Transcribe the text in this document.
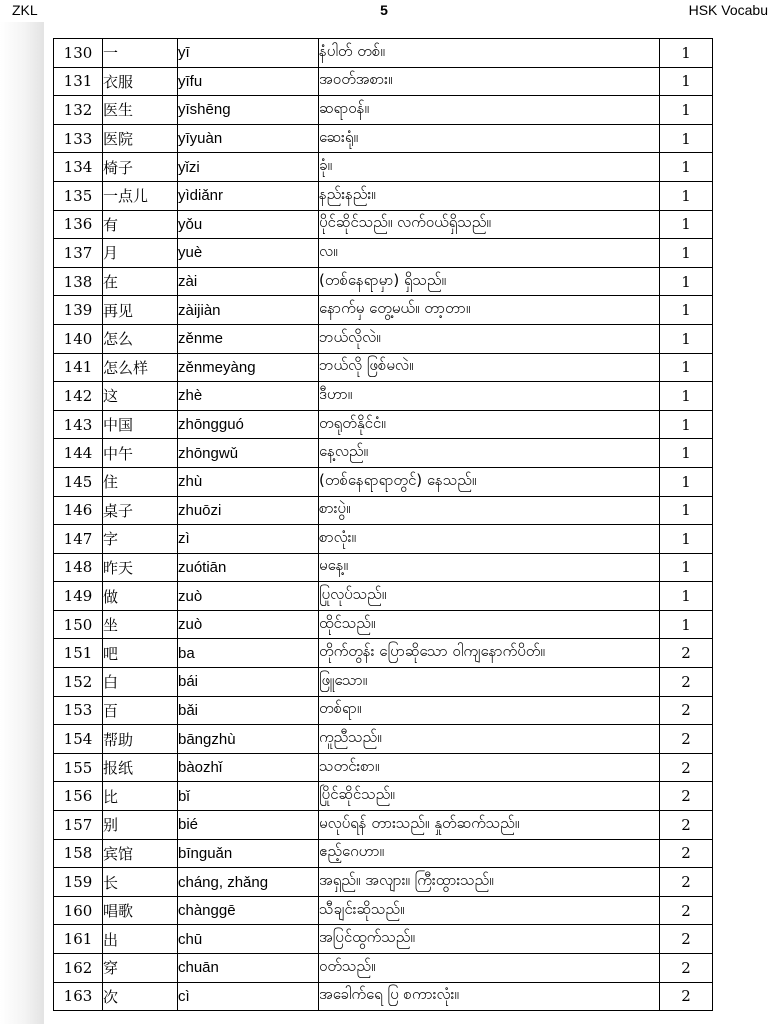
ZKL	5	HSK Vocabu
130	一	yī	နံပါတ် တစ်။	1
131	衣服	yīfu	အဝတ်အစား။	1
132	医生	yīshēng	ဆရာဝန်။	1
133	医院	yīyuàn	ဆေးရုံ။	1
134	椅子	yǐzi	ခုံ။	1
135	一点儿	yìdiǎnr	နည်းနည်း။	1
136	有	yǒu	ပိုင်ဆိုင်သည်။ လက်ဝယ်ရှိသည်။	1
137	月	yuè	လ။	1
138	在	zài	(တစ်နေရာမှာ) ရှိသည်။	1
139	再见	zàijiàn	နောက်မှ တွေ့မယ်။ တာ့တာ။	1
140	怎么	zěnme	ဘယ်လိုလဲ။	1
141	怎么样	zěnmeyàng	ဘယ်လို ဖြစ်မလဲ။	1
142	这	zhè	ဒီဟာ။	1
143	中国	zhōngguó	တရုတ်နိုင်ငံ။	1
144	中午	zhōngwǔ	နေ့လည်။	1
145	住	zhù	(တစ်နေရာရာတွင်) နေသည်။	1
146	桌子	zhuōzi	စားပွဲ။	1
147	字	zì	စာလုံး။	1
148	昨天	zuótiān	မနေ့။	1
149	做	zuò	ပြုလုပ်သည်။	1
150	坐	zuò	ထိုင်သည်။	1
151	吧	ba	တိုက်တွန်း ပြောဆိုသော ဝါကျနောက်ပိတ်။	2
152	白	bái	ဖြူသော။	2
153	百	bǎi	တစ်ရာ။	2
154	帮助	bāngzhù	ကူညီသည်။	2
155	报纸	bàozhǐ	သတင်းစာ။	2
156	比	bǐ	ပြိုင်ဆိုင်သည်။	2
157	别	bié	မလုပ်ရန် တားသည်။ နှုတ်ဆက်သည်။	2
158	宾馆	bīnguǎn	ဧည့်ဂေဟာ။	2
159	长	cháng, zhǎng	အရှည်။ အလျား။ ကြီးထွားသည်။	2
160	唱歌	chànggē	သီချင်းဆိုသည်။	2
161	出	chū	အပြင်ထွက်သည်။	2
162	穿	chuān	ဝတ်သည်။	2
163	次	cì	အခေါက်ရေ ပြ စကားလုံး။	2
